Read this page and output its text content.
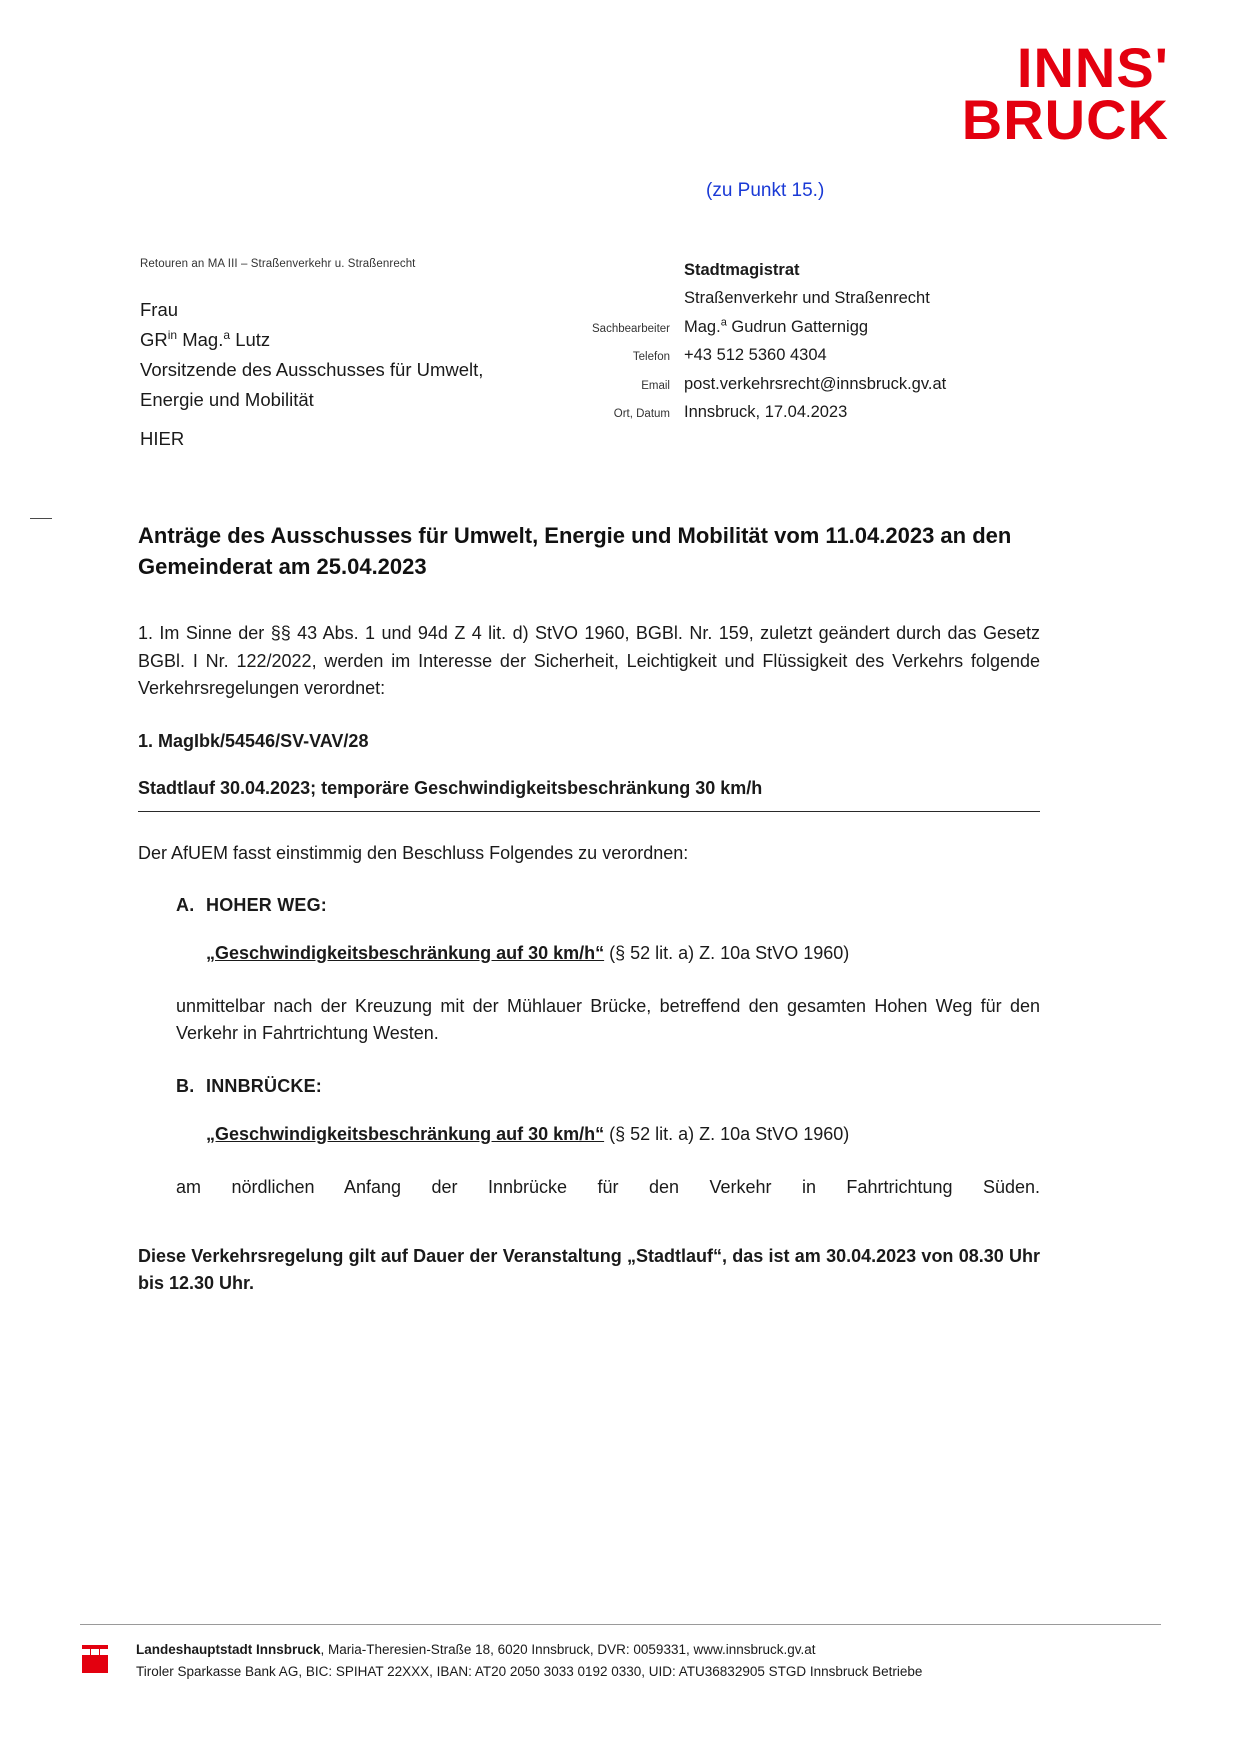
INNS'
BRUCK
(zu Punkt 15.)
Retouren an MA III – Straßenverkehr u. Straßenrecht
Frau
$GR^{in}$ Mag.$^a$ Lutz
Vorsitzende des Ausschusses für Umwelt,
Energie und Mobilität
HIER
Stadtmagistrat
Straßenverkehr und Straßenrecht
Sachbearbeiter Mag.$^a$ Gudrun Gatternigg
Telefon +43 512 5360 4304
Email post.verkehrsrecht@innsbruck.gv.at
Ort, Datum Innsbruck, 17.04.2023
Anträge des Ausschusses für Umwelt, Energie und Mobilität vom 11.04.2023 an den Gemeinderat am 25.04.2023

1. Im Sinne der §§ 43 Abs. 1 und 94d Z 4 lit. d) StVO 1960, BGBl. Nr. 159, zuletzt geändert durch das Gesetz BGBl. I Nr. 122/2022, werden im Interesse der Sicherheit, Leichtigkeit und Flüssigkeit des Verkehrs folgende Verkehrsregelungen verordnet:

1. MagIbk/54546/SV-VAV/28
Stadtlauf 30.04.2023; temporäre Geschwindigkeitsbeschränkung 30 km/h

Der AfUEM fasst einstimmig den Beschluss Folgendes zu verordnen:

A. HOHER WEG:
„Geschwindigkeitsbeschränkung auf 30 km/h“ (§ 52 lit. a) Z. 10a StVO 1960)

unmittelbar nach der Kreuzung mit der Mühlauer Brücke, betreffend den gesamten Hohen Weg für den Verkehr in Fahrtrichtung Westen.

B. INNBRÜCKE:
„Geschwindigkeitsbeschränkung auf 30 km/h“ (§ 52 lit. a) Z. 10a StVO 1960)

am nördlichen Anfang der Innbrücke für den Verkehr in Fahrtrichtung Süden.

Diese Verkehrsregelung gilt auf Dauer der Veranstaltung „Stadtlauf“, das ist am 30.04.2023 von 08.30 Uhr bis 12.30 Uhr.

Landeshauptstadt Innsbruck, Maria-Theresien-Straße 18, 6020 Innsbruck, DVR: 0059331, www.innsbruck.gv.at
Tiroler Sparkasse Bank AG, BIC: SPIHAT 22XXX, IBAN: AT20 2050 3033 0192 0330, UID: ATU36832905 STGD Innsbruck Betriebe
